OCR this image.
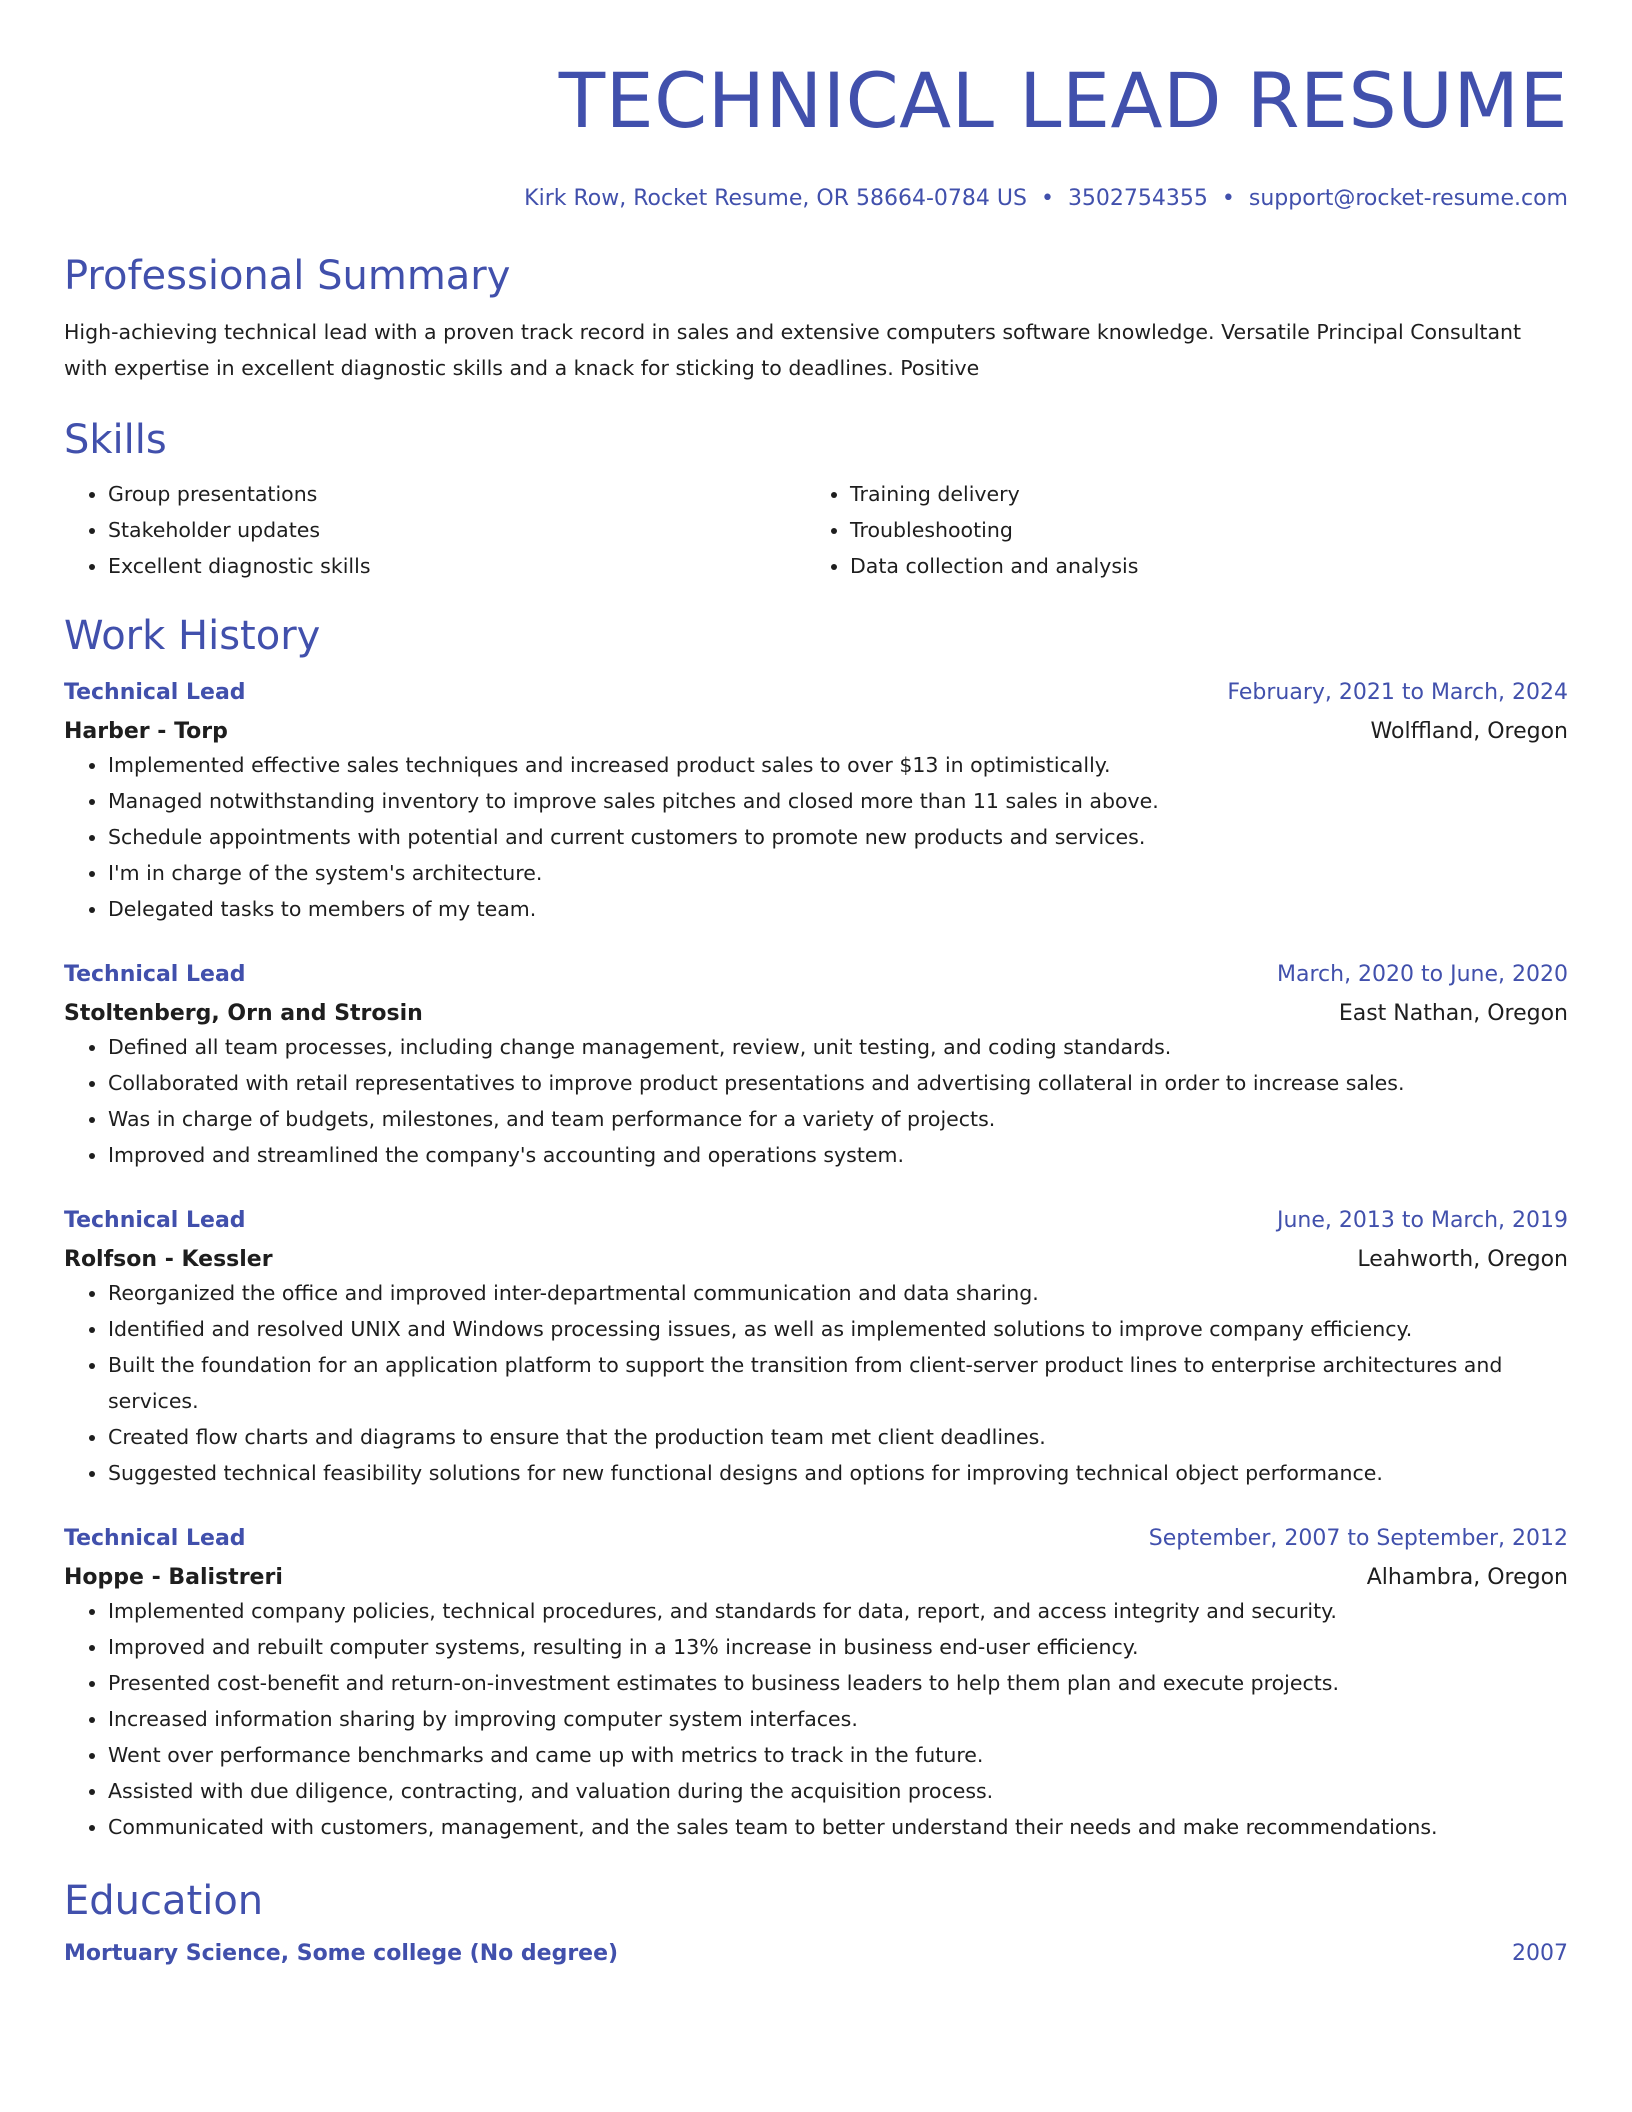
TECHNICAL LEAD RESUME
Kirk Row, Rocket Resume, OR 58664-0784 US • 3502754355 • support@rocket-resume.com
Professional Summary
High-achieving technical lead with a proven track record in sales and extensive computers software knowledge. Versatile Principal Consultant with expertise in excellent diagnostic skills and a knack for sticking to deadlines. Positive
Skills
• Group presentations
• Stakeholder updates
• Excellent diagnostic skills
• Training delivery
• Troubleshooting
• Data collection and analysis
Work History
Technical Lead	February, 2021 to March, 2024
Harber - Torp	Wolffland, Oregon
• Implemented effective sales techniques and increased product sales to over $13 in optimistically.
• Managed notwithstanding inventory to improve sales pitches and closed more than 11 sales in above.
• Schedule appointments with potential and current customers to promote new products and services.
• I'm in charge of the system's architecture.
• Delegated tasks to members of my team.
Technical Lead	March, 2020 to June, 2020
Stoltenberg, Orn and Strosin	East Nathan, Oregon
• Defined all team processes, including change management, review, unit testing, and coding standards.
• Collaborated with retail representatives to improve product presentations and advertising collateral in order to increase sales.
• Was in charge of budgets, milestones, and team performance for a variety of projects.
• Improved and streamlined the company's accounting and operations system.
Technical Lead	June, 2013 to March, 2019
Rolfson - Kessler	Leahworth, Oregon
• Reorganized the office and improved inter-departmental communication and data sharing.
• Identified and resolved UNIX and Windows processing issues, as well as implemented solutions to improve company efficiency.
• Built the foundation for an application platform to support the transition from client-server product lines to enterprise architectures and services.
• Created flow charts and diagrams to ensure that the production team met client deadlines.
• Suggested technical feasibility solutions for new functional designs and options for improving technical object performance.
Technical Lead	September, 2007 to September, 2012
Hoppe - Balistreri	Alhambra, Oregon
• Implemented company policies, technical procedures, and standards for data, report, and access integrity and security.
• Improved and rebuilt computer systems, resulting in a 13% increase in business end-user efficiency.
• Presented cost-benefit and return-on-investment estimates to business leaders to help them plan and execute projects.
• Increased information sharing by improving computer system interfaces.
• Went over performance benchmarks and came up with metrics to track in the future.
• Assisted with due diligence, contracting, and valuation during the acquisition process.
• Communicated with customers, management, and the sales team to better understand their needs and make recommendations.
Education
Mortuary Science, Some college (No degree)	2007
